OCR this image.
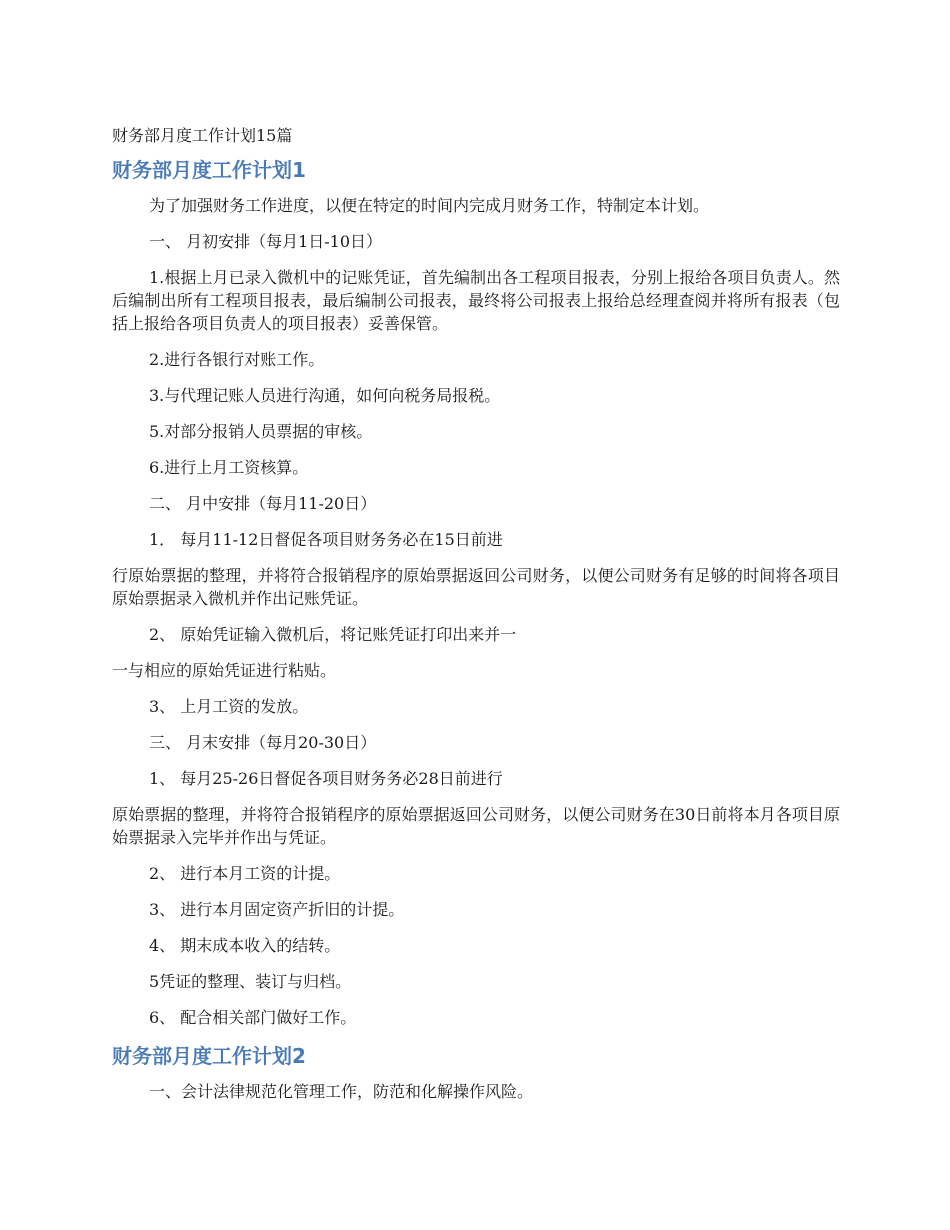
财务部月度工作计划15篇
财务部月度工作计划1

为了加强财务工作进度，以便在特定的时间内完成月财务工作，特制定本计划。

一、 月初安排（每月1日-10日）

1.根据上月已录入微机中的记账凭证，首先编制出各工程项目报表，分别上报给各项目负责人。然后编制出所有工程项目报表，最后编制公司报表，最终将公司报表上报给总经理查阅并将所有报表（包括上报给各项目负责人的项目报表）妥善保管。

2.进行各银行对账工作。

3.与代理记账人员进行沟通，如何向税务局报税。

5.对部分报销人员票据的审核。

6.进行上月工资核算。

二、 月中安排（每月11-20日）

1． 每月11-12日督促各项目财务务必在15日前进

行原始票据的整理，并将符合报销程序的原始票据返回公司财务，以便公司财务有足够的时间将各项目原始票据录入微机并作出记账凭证。

2、 原始凭证输入微机后，将记账凭证打印出来并一

一与相应的原始凭证进行粘贴。

3、 上月工资的发放。

三、 月末安排（每月20-30日）

1、 每月25-26日督促各项目财务务必28日前进行

原始票据的整理，并将符合报销程序的原始票据返回公司财务，以便公司财务在30日前将本月各项目原始票据录入完毕并作出与凭证。

2、 进行本月工资的计提。

3、 进行本月固定资产折旧的计提。

4、 期末成本收入的结转。

5凭证的整理、装订与归档。

6、 配合相关部门做好工作。

财务部月度工作计划2

一、会计法律规范化管理工作，防范和化解操作风险。
